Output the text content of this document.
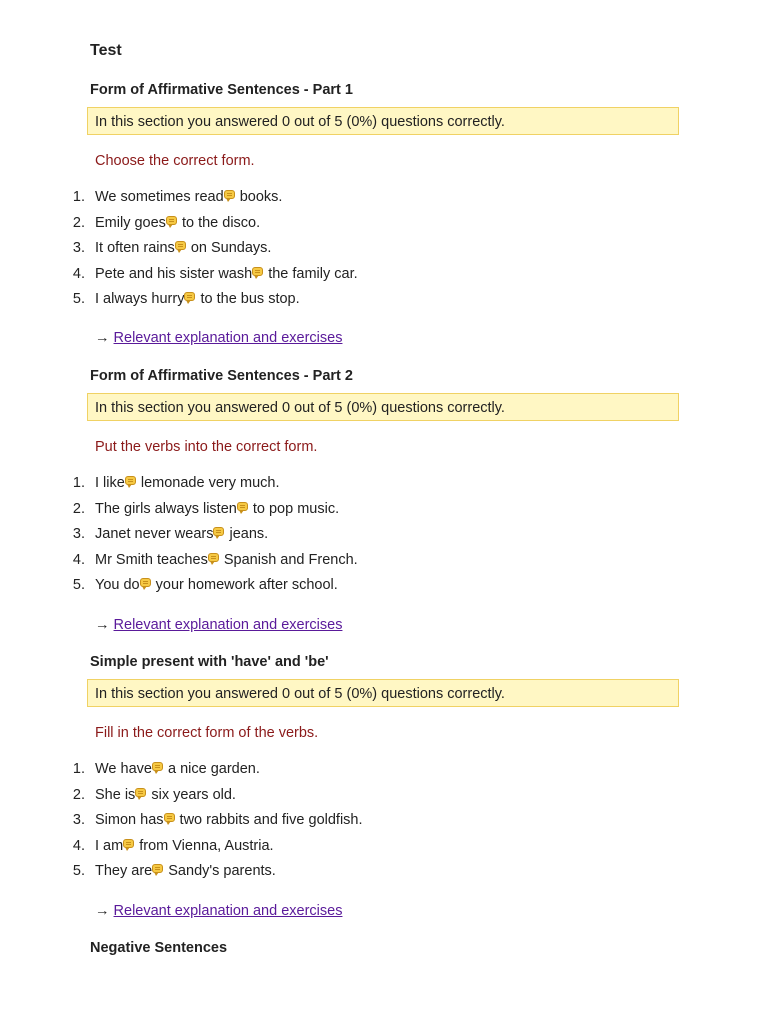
Test
Form of Affirmative Sentences - Part 1
In this section you answered 0 out of 5 (0%) questions correctly.
Choose the correct form.
1. We sometimes read
books.
2. Emily goes
to the disco.
3. It often rains
on Sundays.
4. Pete and his sister wash
the family car.
5. I always hurry
to the bus stop.
→ Relevant explanation and exercises
Form of Affirmative Sentences - Part 2
In this section you answered 0 out of 5 (0%) questions correctly.
Put the verbs into the correct form.
1. I like
lemonade very much.
2. The girls always listen
to pop music.
3. Janet never wears
jeans.
4. Mr Smith teaches
Spanish and French.
5. You do
your homework after school.
→ Relevant explanation and exercises
Simple present with 'have' and 'be'
In this section you answered 0 out of 5 (0%) questions correctly.
Fill in the correct form of the verbs.
1. We have
a nice garden.
2. She is
six years old.
3. Simon has
two rabbits and five goldfish.
4. I am
from Vienna, Austria.
5. They are
Sandy's parents.
→ Relevant explanation and exercises
Negative Sentences
